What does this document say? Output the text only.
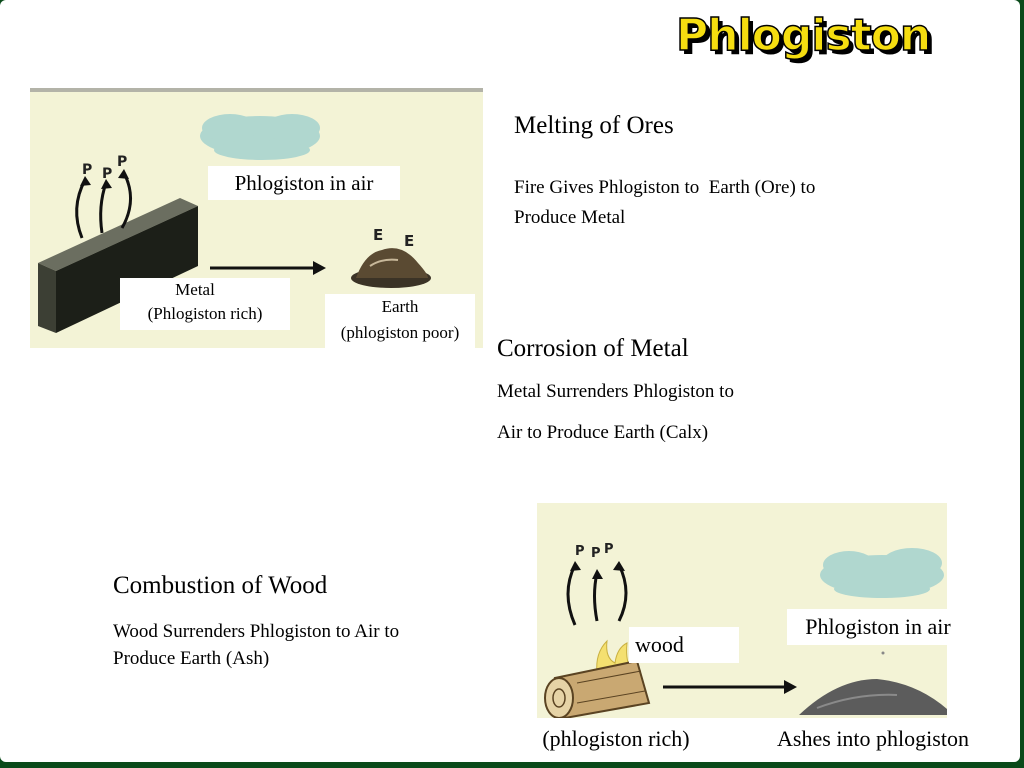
Phlogiston
P P
P
E E
Phlogiston in air
Metal
(Phlogiston rich)	Earth
(phlogiston poor)
Melting of Ores
Fire Gives Phlogiston to  Earth (Ore) to
Produce Metal
Corrosion of Metal
Metal Surrenders Phlogiston to
Air to Produce Earth (Calx)
Combustion of Wood
Wood Surrenders Phlogiston to Air to
Produce Earth (Ash)
P P P
wood
Phlogiston in air
(phlogiston rich)	Ashes into phlogiston
